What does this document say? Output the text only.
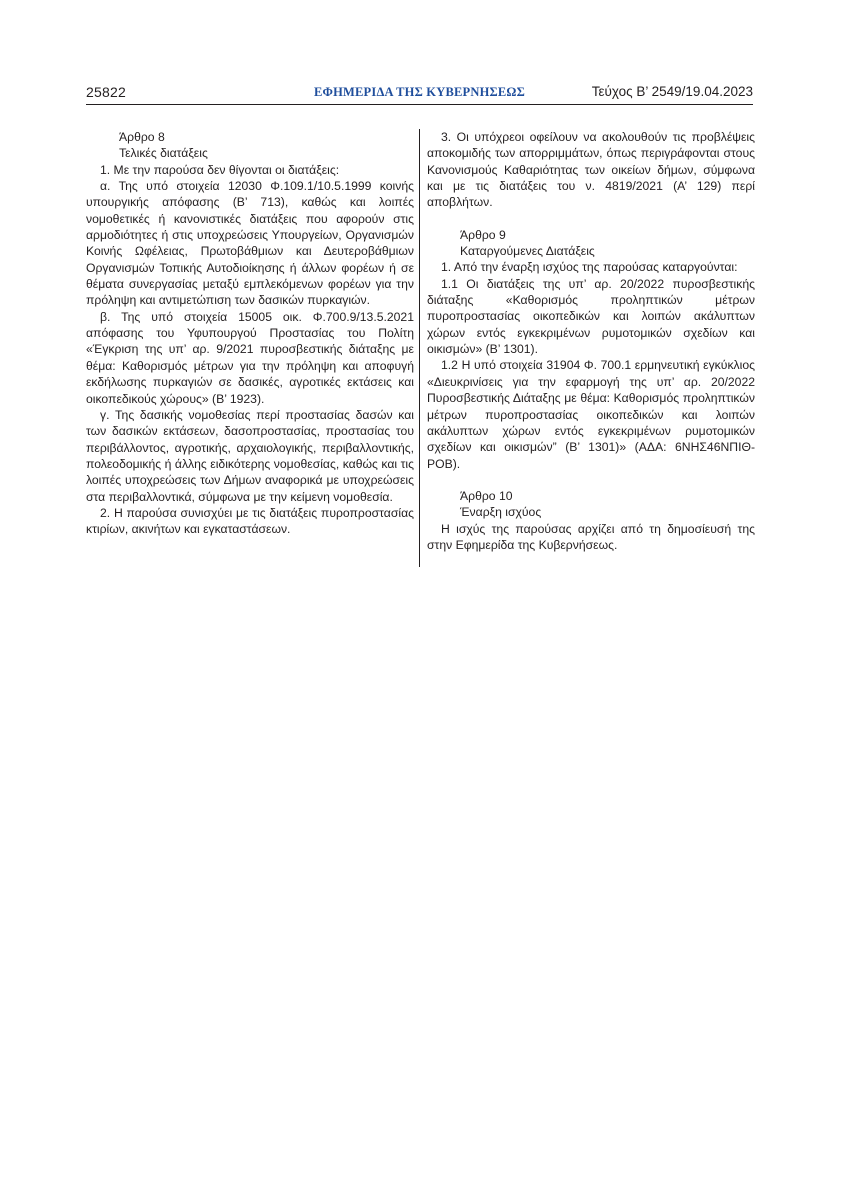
25822	ΕΦΗΜΕΡΙΔΑ ΤΗΣ ΚΥΒΕΡΝΗΣΕΩΣ	Τεύχος Β’ 2549/19.04.2023

Άρθρο 8

Τελικές διατάξεις

1. Με την παρούσα δεν θίγονται οι διατάξεις:

α. Της υπό στοιχεία 12030 Φ.109.1/10.5.1999 κοινής υπουργικής απόφασης (Β’ 713), καθώς και λοιπές νομοθετικές ή κανονιστικές διατάξεις που αφορούν στις αρμοδιότητες ή στις υποχρεώσεις Υπουργείων, Οργανισμών Κοινής Ωφέλειας, Πρωτοβάθμιων και Δευτεροβάθμιων Οργανισμών Τοπικής Αυτοδιοίκησης ή άλλων φορέων ή σε θέματα συνεργασίας μεταξύ εμπλεκόμενων φορέων για την πρόληψη και αντιμετώπιση των δασικών πυρκαγιών.

β. Της υπό στοιχεία 15005 οικ. Φ.700.9/13.5.2021 απόφασης του Υφυπουργού Προστασίας του Πολίτη «Έγκριση της υπ’ αρ. 9/2021 πυροσβεστικής διάταξης με θέμα: Καθορισμός μέτρων για την πρόληψη και αποφυγή εκδήλωσης πυρκαγιών σε δασικές, αγροτικές εκτάσεις και οικοπεδικούς χώρους» (Β’ 1923).

γ. Της δασικής νομοθεσίας περί προστασίας δασών και των δασικών εκτάσεων, δασοπροστασίας, προστασίας του περιβάλλοντος, αγροτικής, αρχαιολογικής, περιβαλλοντικής, πολεοδομικής ή άλλης ειδικότερης νομοθεσίας, καθώς και τις λοιπές υποχρεώσεις των Δήμων αναφορικά με υποχρεώσεις στα περιβαλλοντικά, σύμφωνα με την κείμενη νομοθεσία.

2. Η παρούσα συνισχύει με τις διατάξεις πυροπροστασίας κτιρίων, ακινήτων και εγκαταστάσεων.

3. Οι υπόχρεοι οφείλουν να ακολουθούν τις προβλέψεις αποκομιδής των απορριμμάτων, όπως περιγράφονται στους Κανονισμούς Καθαριότητας των οικείων δήμων, σύμφωνα και με τις διατάξεις του ν. 4819/2021 (Α’ 129) περί αποβλήτων.

Άρθρο 9

Καταργούμενες Διατάξεις

1. Από την έναρξη ισχύος της παρούσας καταργούνται:

1.1 Οι διατάξεις της υπ’ αρ. 20/2022 πυροσβεστικής διάταξης «Καθορισμός προληπτικών μέτρων πυροπροστασίας οικοπεδικών και λοιπών ακάλυπτων χώρων εντός εγκεκριμένων ρυμοτομικών σχεδίων και οικισμών» (Β’ 1301).

1.2 Η υπό στοιχεία 31904 Φ. 700.1 ερμηνευτική εγκύκλιος «Διευκρινίσεις για την εφαρμογή της υπ’ αρ. 20/2022 Πυροσβεστικής Διάταξης με θέμα: Καθορισμός προληπτικών μέτρων πυροπροστασίας οικοπεδικών και λοιπών ακάλυπτων χώρων εντός εγκεκριμένων ρυμοτομικών σχεδίων και οικισμών” (Β’ 1301)» (ΑΔΑ: 6ΝΗΣ46ΝΠΙΘ-ΡΟΒ).

Άρθρο 10

Έναρξη ισχύος

Η ισχύς της παρούσας αρχίζει από τη δημοσίευσή της στην Εφημερίδα της Κυβερνήσεως.
